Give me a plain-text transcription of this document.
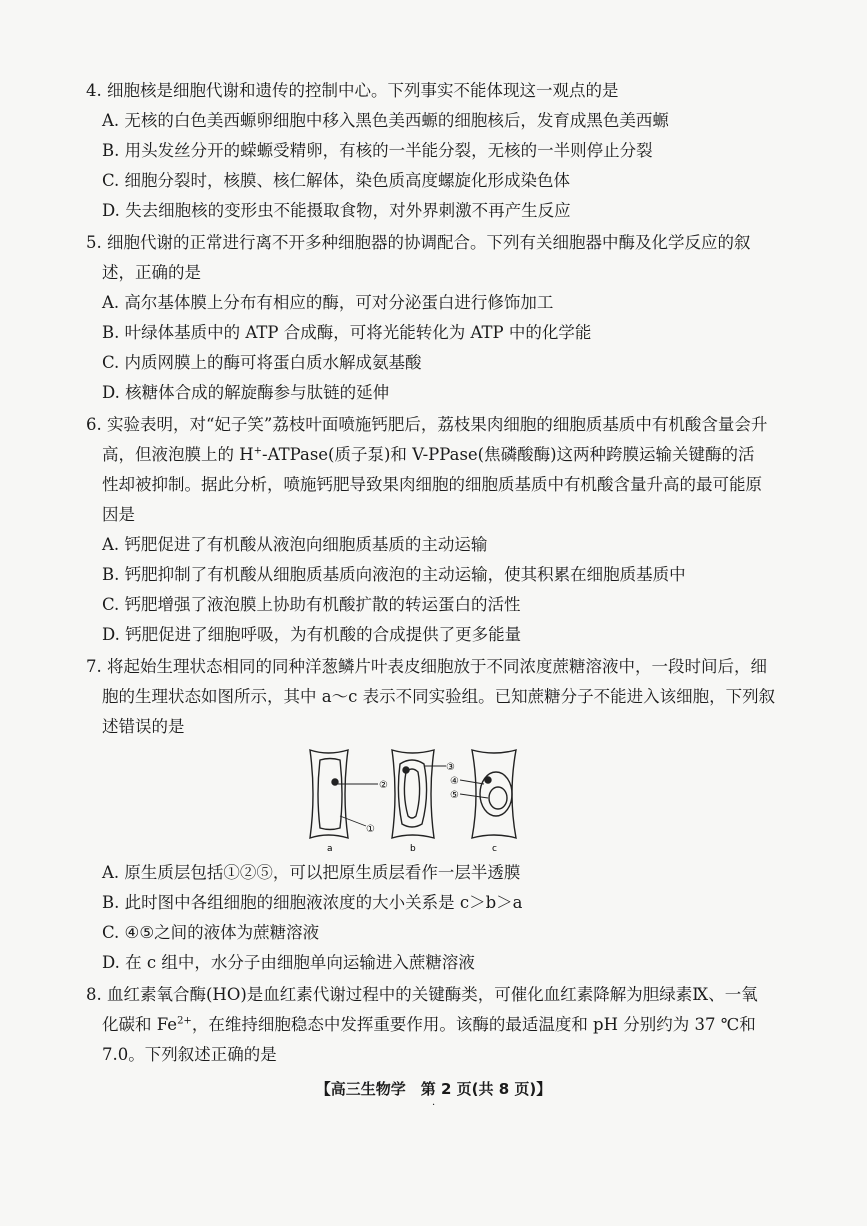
4. 细胞核是细胞代谢和遗传的控制中心。下列事实不能体现这一观点的是
A. 无核的白色美西螈卵细胞中移入黑色美西螈的细胞核后，发育成黑色美西螈
B. 用头发丝分开的蝾螈受精卵，有核的一半能分裂，无核的一半则停止分裂
C. 细胞分裂时，核膜、核仁解体，染色质高度螺旋化形成染色体
D. 失去细胞核的变形虫不能摄取食物，对外界刺激不再产生反应
5. 细胞代谢的正常进行离不开多种细胞器的协调配合。下列有关细胞器中酶及化学反应的叙
述，正确的是
A. 高尔基体膜上分布有相应的酶，可对分泌蛋白进行修饰加工
B. 叶绿体基质中的 ATP 合成酶，可将光能转化为 ATP 中的化学能
C. 内质网膜上的酶可将蛋白质水解成氨基酸
D. 核糖体合成的解旋酶参与肽链的延伸
6. 实验表明，对“妃子笑”荔枝叶面喷施钙肥后，荔枝果肉细胞的细胞质基质中有机酸含量会升
高，但液泡膜上的 H+-ATPase(质子泵)和 V-PPase(焦磷酸酶)这两种跨膜运输关键酶的活
性却被抑制。据此分析，喷施钙肥导致果肉细胞的细胞质基质中有机酸含量升高的最可能原
因是
A. 钙肥促进了有机酸从液泡向细胞质基质的主动运输
B. 钙肥抑制了有机酸从细胞质基质向液泡的主动运输，使其积累在细胞质基质中
C. 钙肥增强了液泡膜上协助有机酸扩散的转运蛋白的活性
D. 钙肥促进了细胞呼吸，为有机酸的合成提供了更多能量
7. 将起始生理状态相同的同种洋葱鳞片叶表皮细胞放于不同浓度蔗糖溶液中，一段时间后，细
胞的生理状态如图所示，其中 a～c 表示不同实验组。已知蔗糖分子不能进入该细胞，下列叙
述错误的是
②
①
a	b
③
④
⑤
c
A. 原生质层包括①②⑤，可以把原生质层看作一层半透膜
B. 此时图中各组细胞的细胞液浓度的大小关系是 c＞b＞a
C. ④⑤之间的液体为蔗糖溶液
D. 在 c 组中，水分子由细胞单向运输进入蔗糖溶液
8. 血红素氧合酶(HO)是血红素代谢过程中的关键酶类，可催化血红素降解为胆绿素Ⅸ、一氧
化碳和 $Fe^{2+}$，在维持细胞稳态中发挥重要作用。该酶的最适温度和 pH 分别约为 37 ℃和
7.0。下列叙述正确的是
【高三生物学　第 2 页(共 8 页)】
·
